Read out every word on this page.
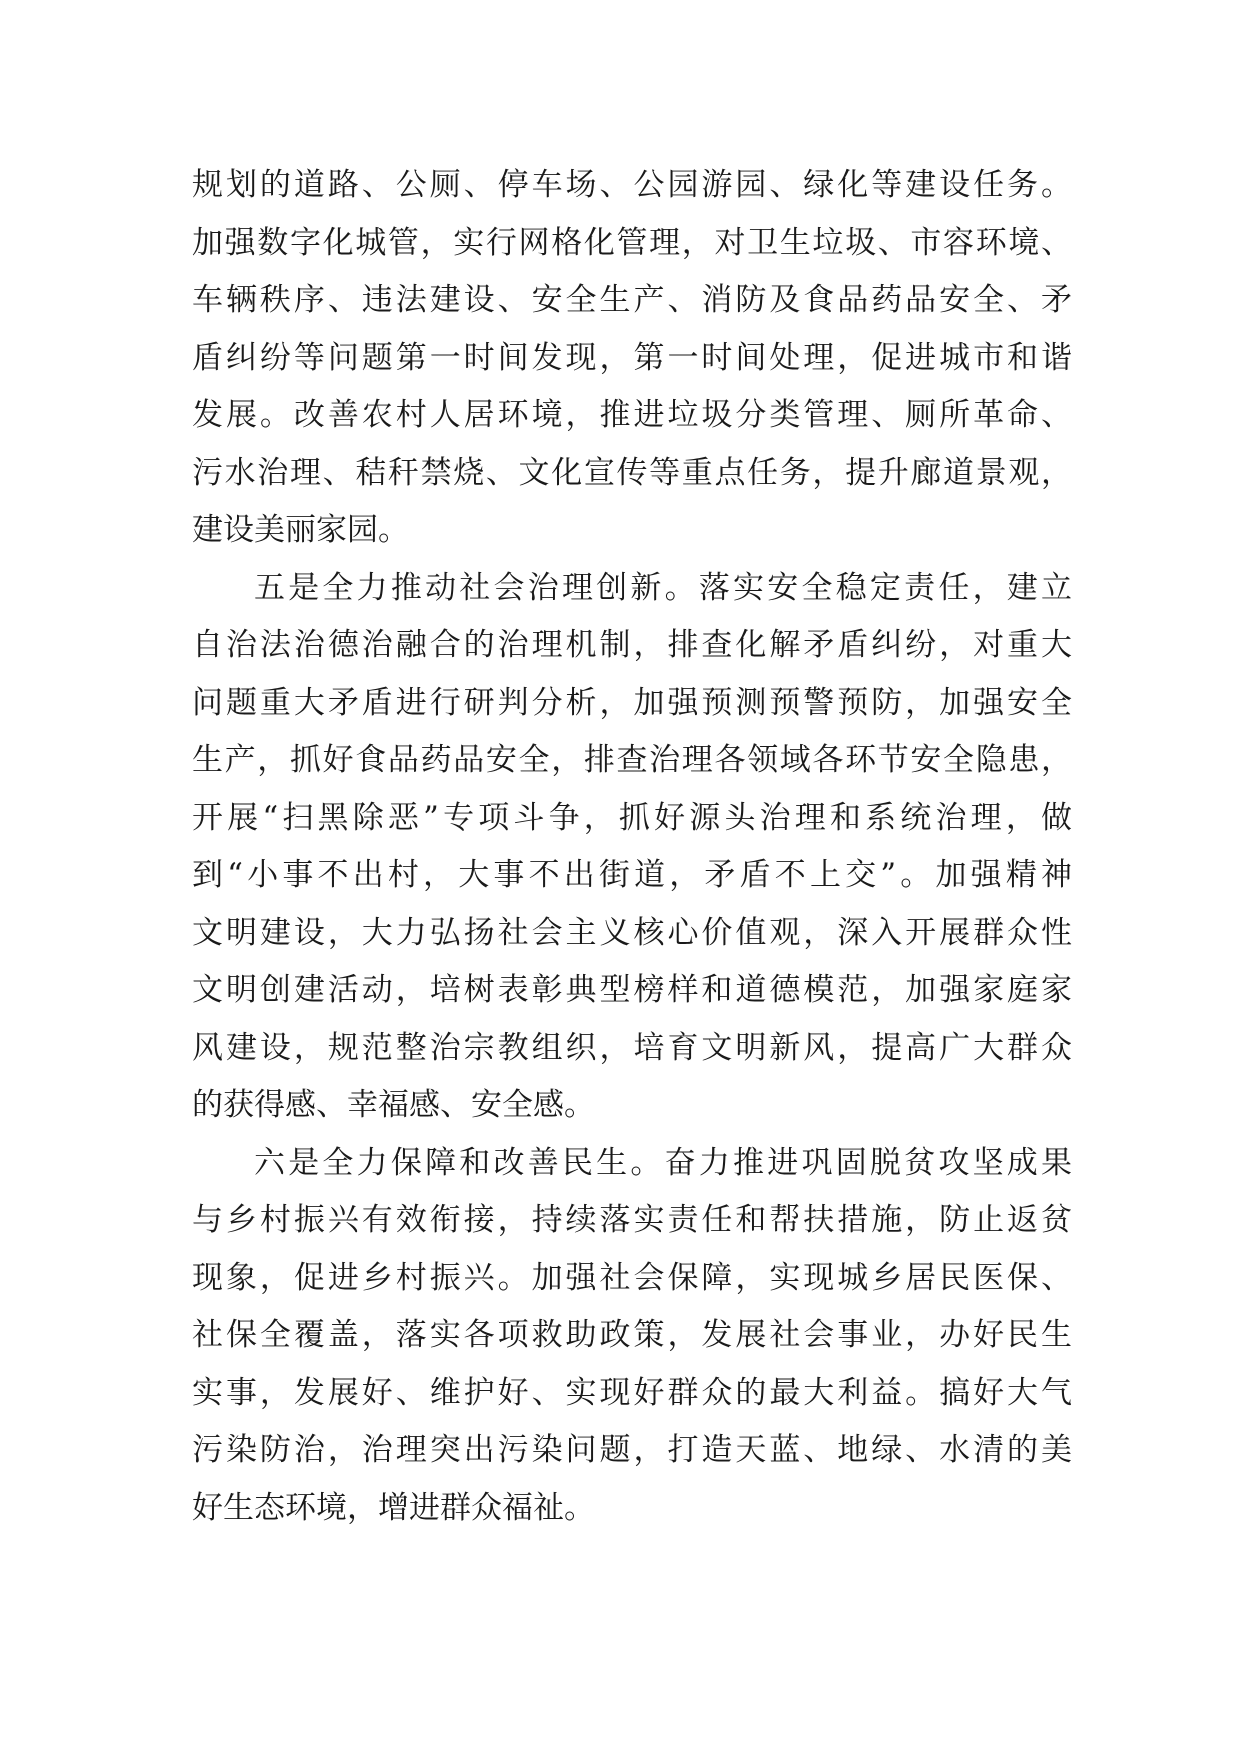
规划的道路、公厕、停车场、公园游园、绿化等建设任务。
加强数字化城管，实行网格化管理，对卫生垃圾、市容环境、
车辆秩序、违法建设、安全生产、消防及食品药品安全、矛
盾纠纷等问题第一时间发现，第一时间处理，促进城市和谐
发展。改善农村人居环境，推进垃圾分类管理、厕所革命、
污水治理、秸秆禁烧、文化宣传等重点任务，提升廊道景观，
建设美丽家园。
五是全力推动社会治理创新。落实安全稳定责任，建立
自治法治德治融合的治理机制，排查化解矛盾纠纷，对重大
问题重大矛盾进行研判分析，加强预测预警预防，加强安全
生产，抓好食品药品安全，排查治理各领域各环节安全隐患，
开展“扫黑除恶”专项斗争，抓好源头治理和系统治理，做
到“小事不出村，大事不出街道，矛盾不上交”。加强精神
文明建设，大力弘扬社会主义核心价值观，深入开展群众性
文明创建活动，培树表彰典型榜样和道德模范，加强家庭家
风建设，规范整治宗教组织，培育文明新风，提高广大群众
的获得感、幸福感、安全感。
六是全力保障和改善民生。奋力推进巩固脱贫攻坚成果
与乡村振兴有效衔接，持续落实责任和帮扶措施，防止返贫
现象，促进乡村振兴。加强社会保障，实现城乡居民医保、
社保全覆盖，落实各项救助政策，发展社会事业，办好民生
实事，发展好、维护好、实现好群众的最大利益。搞好大气
污染防治，治理突出污染问题，打造天蓝、地绿、水清的美
好生态环境，增进群众福祉。
